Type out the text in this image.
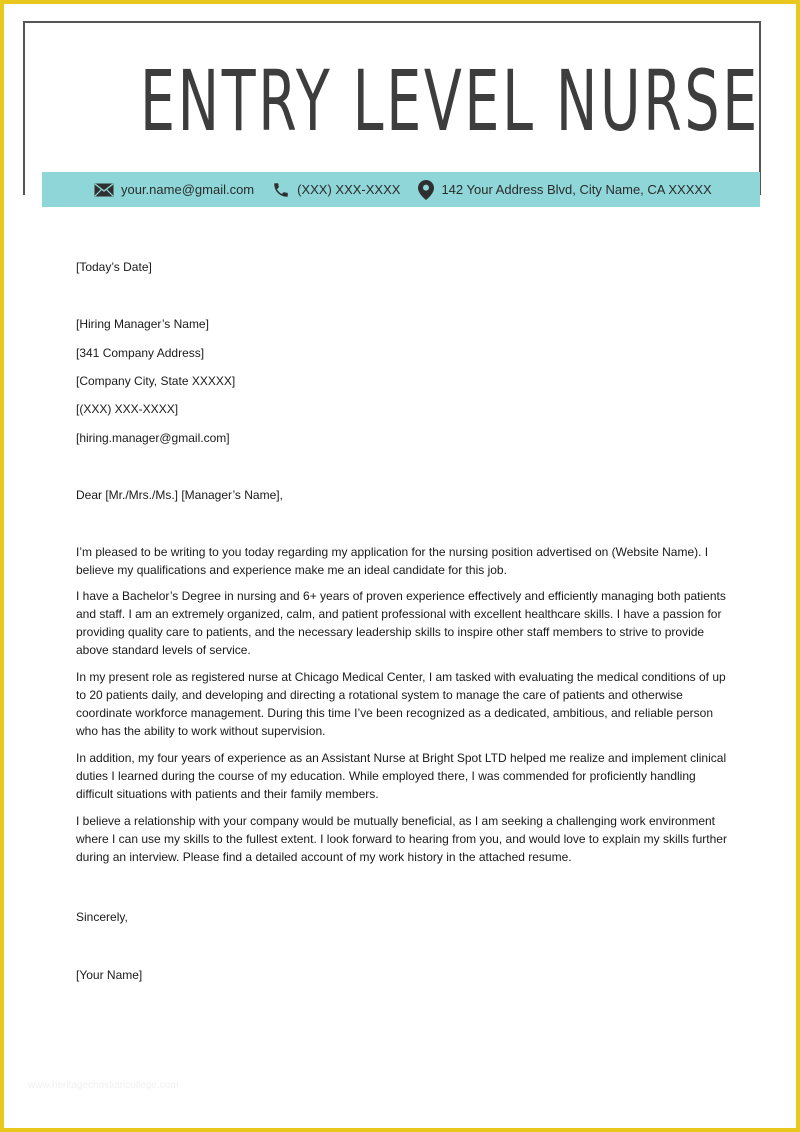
ENTRY LEVEL NURSE
your.name@gmail.com	(XXX) XXX-XXXX	142 Your Address Blvd, City Name, CA XXXXX
[Today’s Date]
[Hiring Manager’s Name]
[341 Company Address]
[Company City, State XXXXX]
[(XXX) XXX-XXXX]
[hiring.manager@gmail.com]
Dear [Mr./Mrs./Ms.] [Manager’s Name],
I’m pleased to be writing to you today regarding my application for the nursing position advertised on (Website Name). I believe my qualifications and experience make me an ideal candidate for this job.
I have a Bachelor’s Degree in nursing and 6+ years of proven experience effectively and efficiently managing both patients and staff. I am an extremely organized, calm, and patient professional with excellent healthcare skills. I have a passion for providing quality care to patients, and the necessary leadership skills to inspire other staff members to strive to provide above standard levels of service.
In my present role as registered nurse at Chicago Medical Center, I am tasked with evaluating the medical conditions of up to 20 patients daily, and developing and directing a rotational system to manage the care of patients and otherwise coordinate workforce management. During this time I’ve been recognized as a dedicated, ambitious, and reliable person who has the ability to work without supervision.
In addition, my four years of experience as an Assistant Nurse at Bright Spot LTD helped me realize and implement clinical duties I learned during the course of my education. While employed there, I was commended for proficiently handling difficult situations with patients and their family members.
I believe a relationship with your company would be mutually beneficial, as I am seeking a challenging work environment where I can use my skills to the fullest extent. I look forward to hearing from you, and would love to explain my skills further during an interview. Please find a detailed account of my work history in the attached resume.
Sincerely,
[Your Name]
www.heritagechristiancollege.com
